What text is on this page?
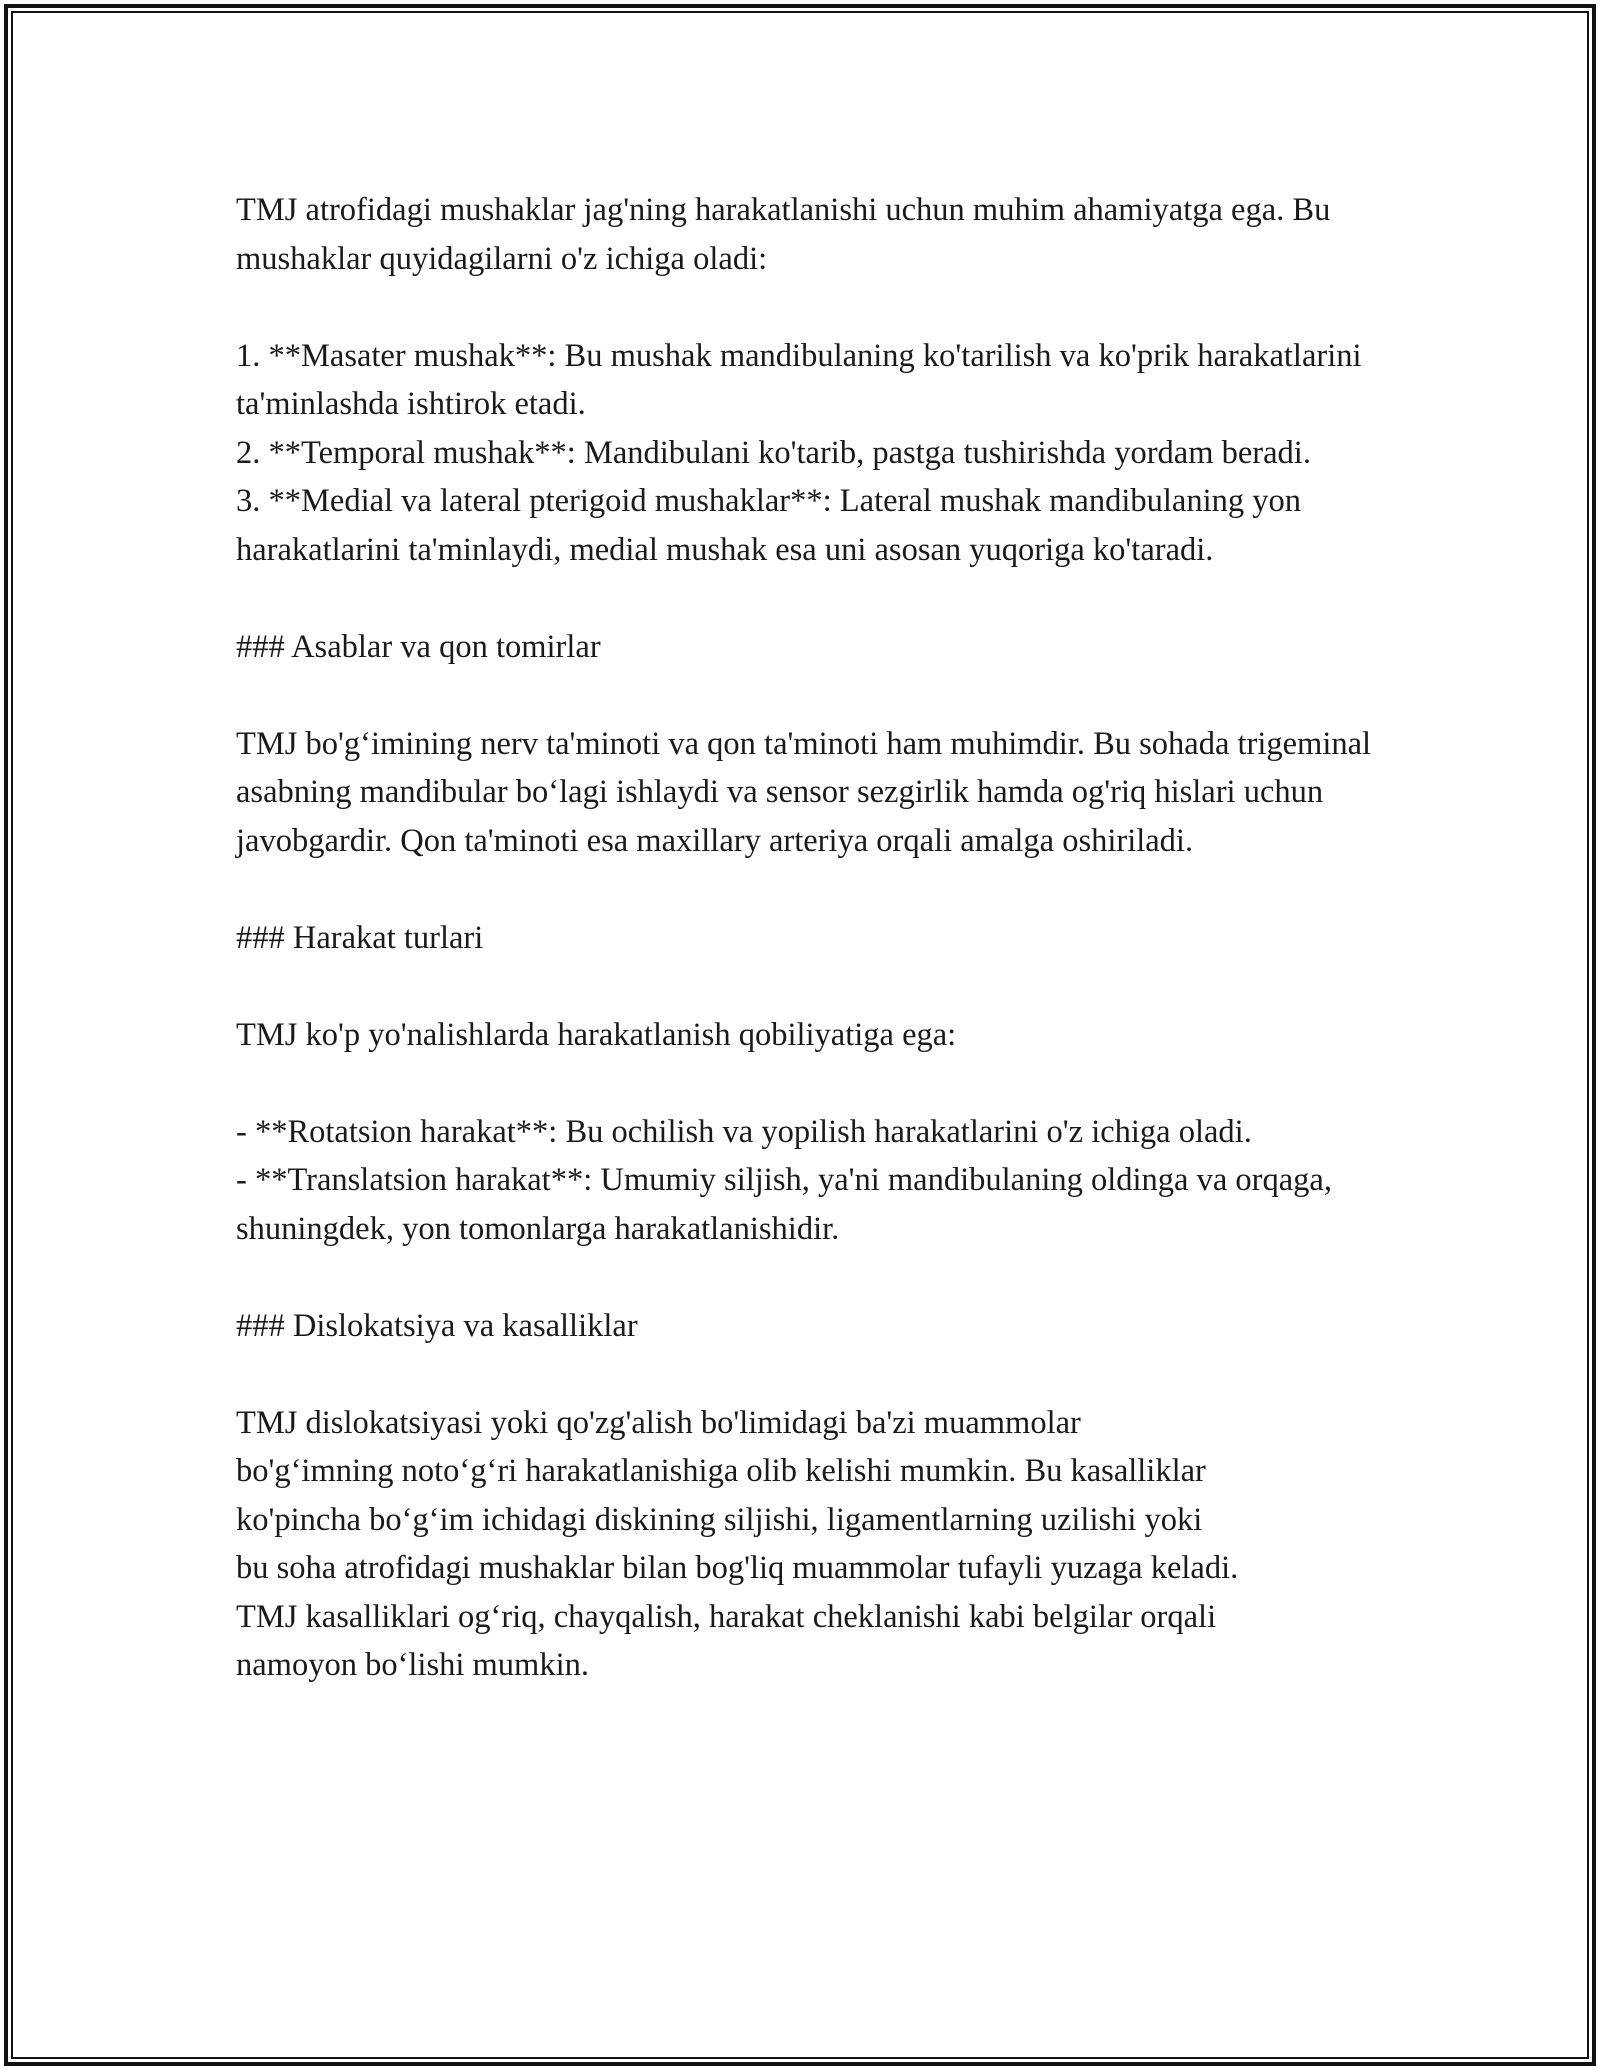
TMJ atrofidagi mushaklar jag'ning harakatlanishi uchun muhim ahamiyatga ega. Bu mushaklar quyidagilarni o'z ichiga oladi:

1. **Masater mushak**: Bu mushak mandibulaning ko'tarilish va ko'prik harakatlarini ta'minlashda ishtirok etadi.

2. **Temporal mushak**: Mandibulani ko'tarib, pastga tushirishda yordam beradi.

3. **Medial va lateral pterigoid mushaklar**: Lateral mushak mandibulaning yon harakatlarini ta'minlaydi, medial mushak esa uni asosan yuqoriga ko'taradi.

### Asablar va qon tomirlar

TMJ bo'g‘imining nerv ta'minoti va qon ta'minoti ham muhimdir. Bu sohada trigeminal asabning mandibular bo‘lagi ishlaydi va sensor sezgirlik hamda og'riq hislari uchun javobgardir. Qon ta'minoti esa maxillary arteriya orqali amalga oshiriladi.

### Harakat turlari

TMJ ko'p yo'nalishlarda harakatlanish qobiliyatiga ega:

- **Rotatsion harakat**: Bu ochilish va yopilish harakatlarini o'z ichiga oladi.

- **Translatsion harakat**: Umumiy siljish, ya'ni mandibulaning oldinga va orqaga, shuningdek, yon tomonlarga harakatlanishidir.

### Dislokatsiya va kasalliklar

TMJ dislokatsiyasi yoki qo'zg'alish bo'limidagi ba'zi muammolar

bo'g‘imning noto‘g‘ri harakatlanishiga olib kelishi mumkin. Bu kasalliklar

ko'pincha bo‘g‘im ichidagi diskining siljishi, ligamentlarning uzilishi yoki

bu soha atrofidagi mushaklar bilan bog'liq muammolar tufayli yuzaga keladi.

TMJ kasalliklari og‘riq, chayqalish, harakat cheklanishi kabi belgilar orqali

namoyon bo‘lishi mumkin.
